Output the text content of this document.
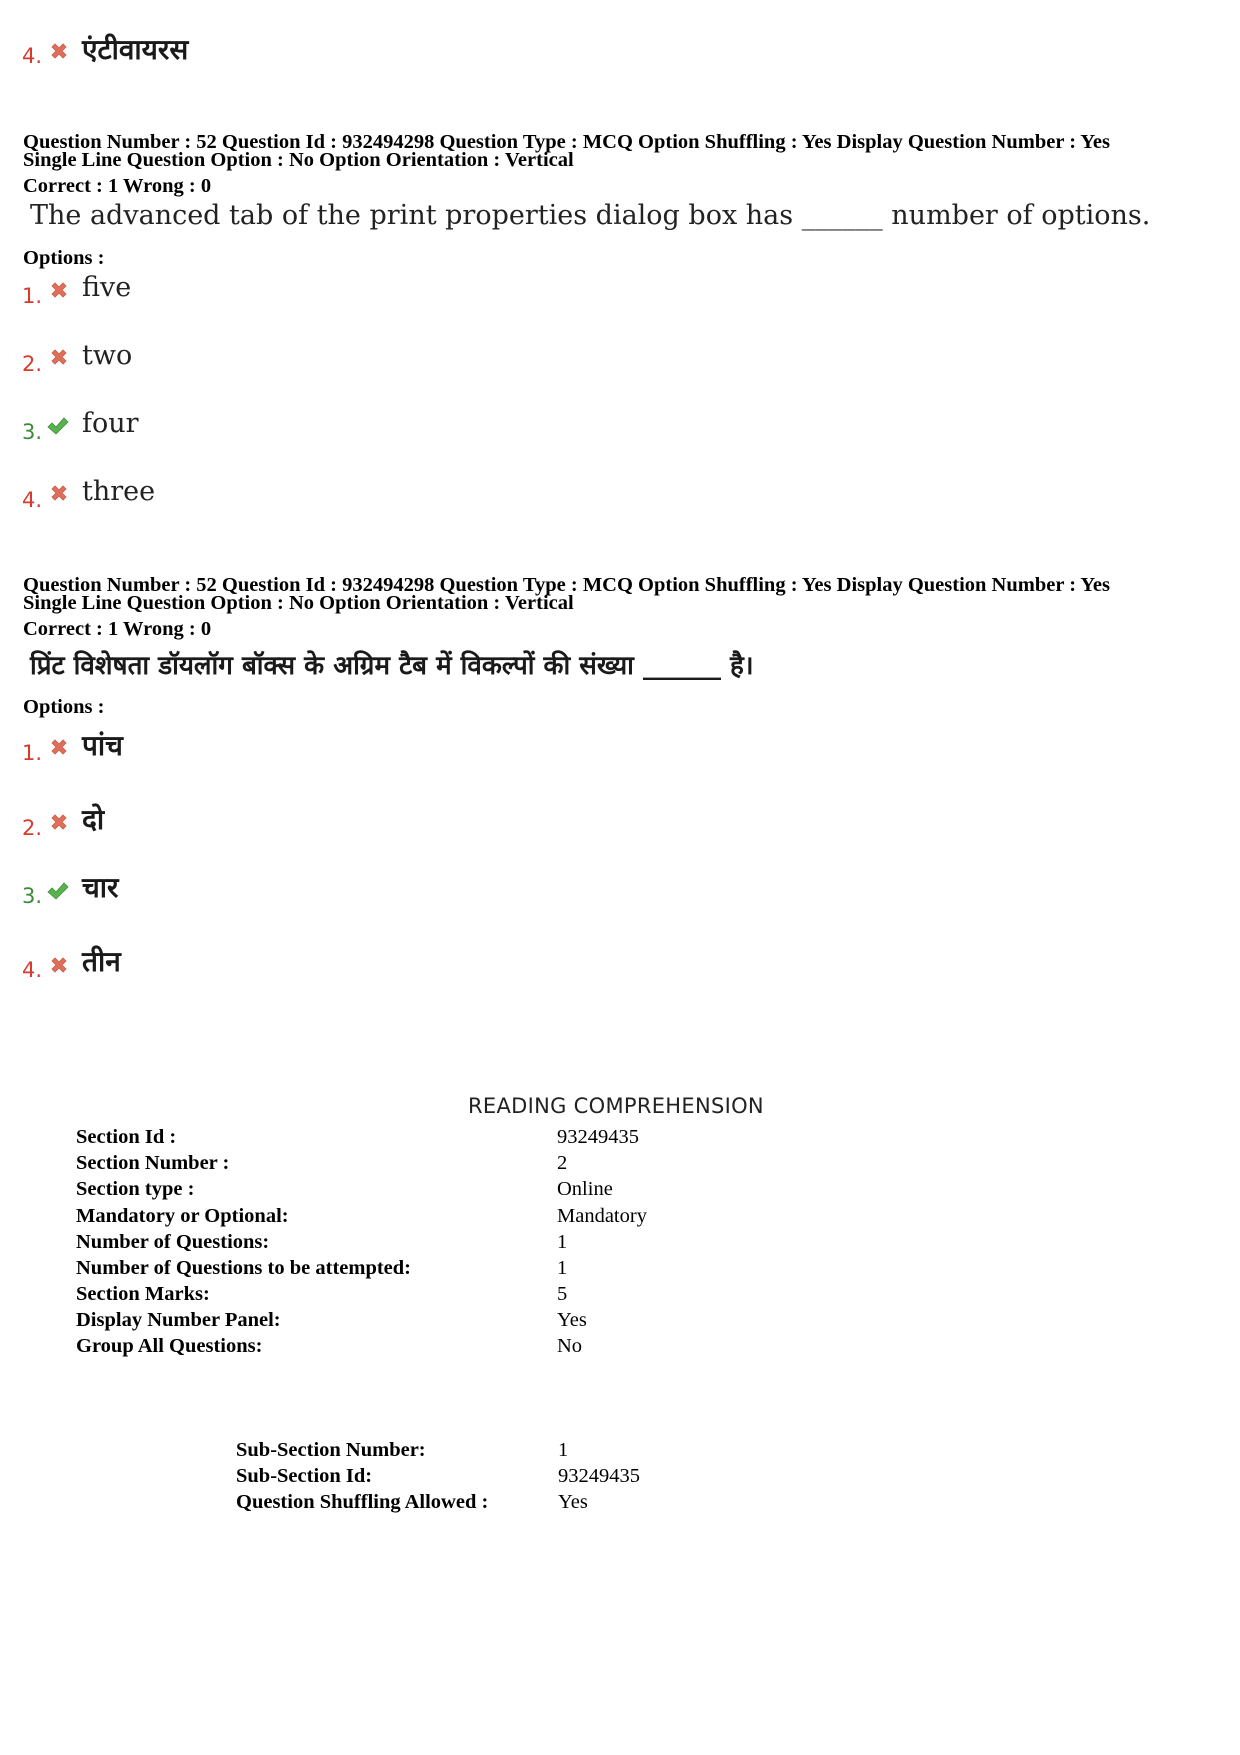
4. एंटीवायरस
Question Number : 52 Question Id : 932494298 Question Type : MCQ Option Shuffling : Yes Display Question Number : Yes
Single Line Question Option : No Option Orientation : Vertical
Correct : 1 Wrong : 0
The advanced tab of the print properties dialog box has ______ number of options.
Options :
1. five
2. two
3. four
4. three
Question Number : 52 Question Id : 932494298 Question Type : MCQ Option Shuffling : Yes Display Question Number : Yes
Single Line Question Option : No Option Orientation : Vertical
Correct : 1 Wrong : 0
प्रिंट विशेषता डॉयलॉग बॉक्स के अग्रिम टैब में विकल्पों की संख्या ______ है।
Options :
1. पांच
2. दो
3. चार
4. तीन
READING COMPREHENSION
Section Id :	93249435
Section Number :	2
Section type :	Online
Mandatory or Optional:	Mandatory
Number of Questions:	1
Number of Questions to be attempted:	1
Section Marks:	5
Display Number Panel:	Yes
Group All Questions:	No
Sub-Section Number:	1
Sub-Section Id:	93249435
Question Shuffling Allowed :	Yes
